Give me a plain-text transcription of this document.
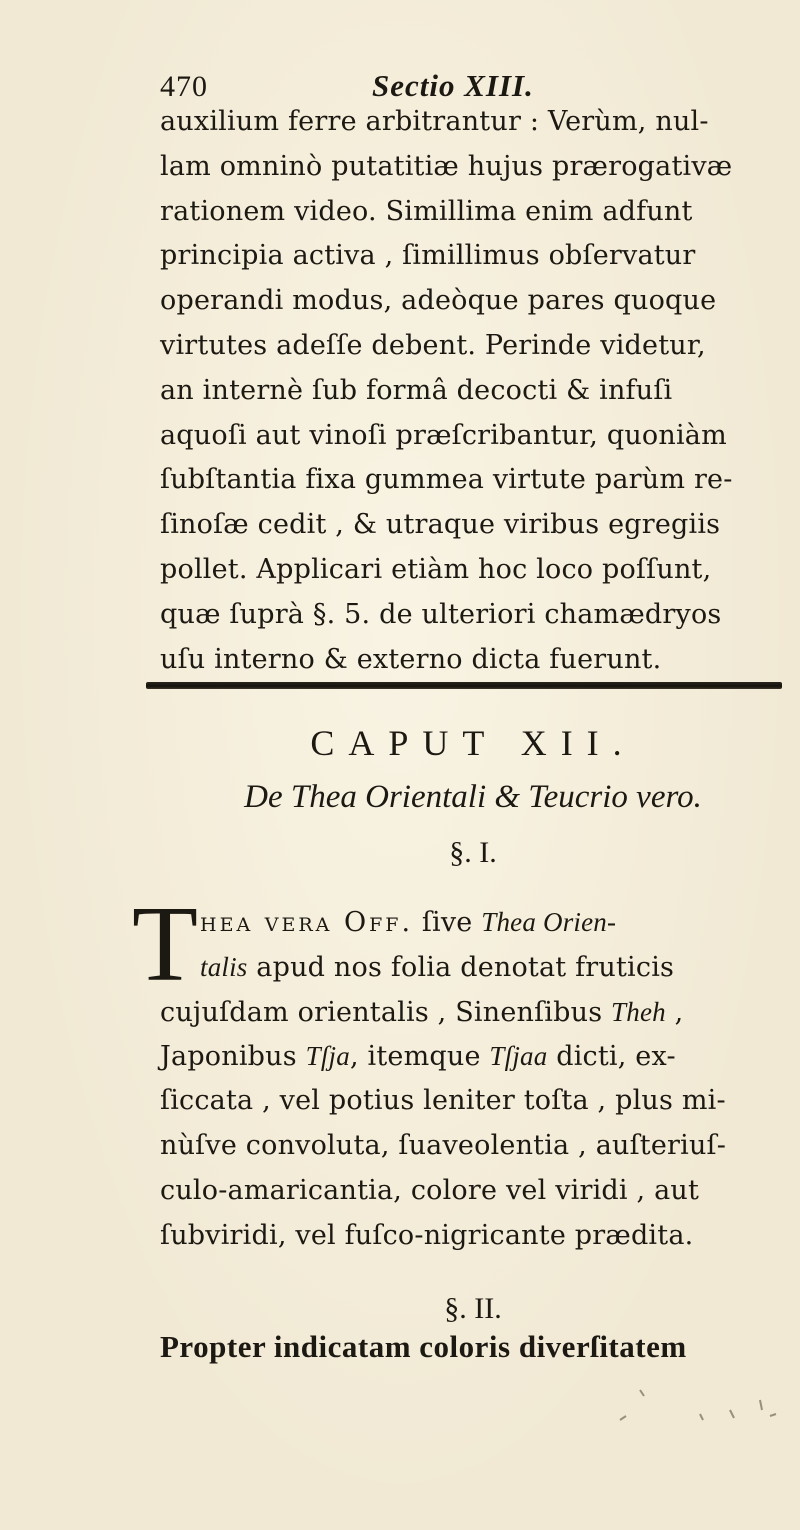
470	Sectio XIII.
auxilium ferre arbitrantur : Verùm, nul-
lam omninò putatitiæ hujus prærogativæ
rationem video. Simillima enim adfunt
principia activa , ſimillimus obſervatur
operandi modus, adeòque pares quoque
virtutes adeſſe debent. Perinde videtur,
an internè ſub formâ decocti & infuſi
aquoſi aut vinoſi præſcribantur, quoniàm
ſubſtantia fixa gummea virtute parùm re-
ſinoſæ cedit , & utraque viribus egregiis
pollet. Applicari etiàm hoc loco poſſunt,
quæ ſuprà §. 5. de ulteriori chamædryos
uſu interno & externo dicta fuerunt.
CAPUT XII.
De Thea Orientali & Teucrio vero.
§. I.
T hea vera Off. ſive Thea Orien-
talis apud nos folia denotat fruticis
cujuſdam orientalis , Sinenſibus Theh ,
Japonibus Tſja, itemque Tſjaa dicti, ex-
ſiccata , vel potius leniter toſta , plus mi-
nùſve convoluta, ſuaveolentia , auſteriuſ-
culo-amaricantia, colore vel viridi , aut
ſubviridi, vel fuſco-nigricante prædita.
§. II.
Propter indicatam coloris diverſitatem
